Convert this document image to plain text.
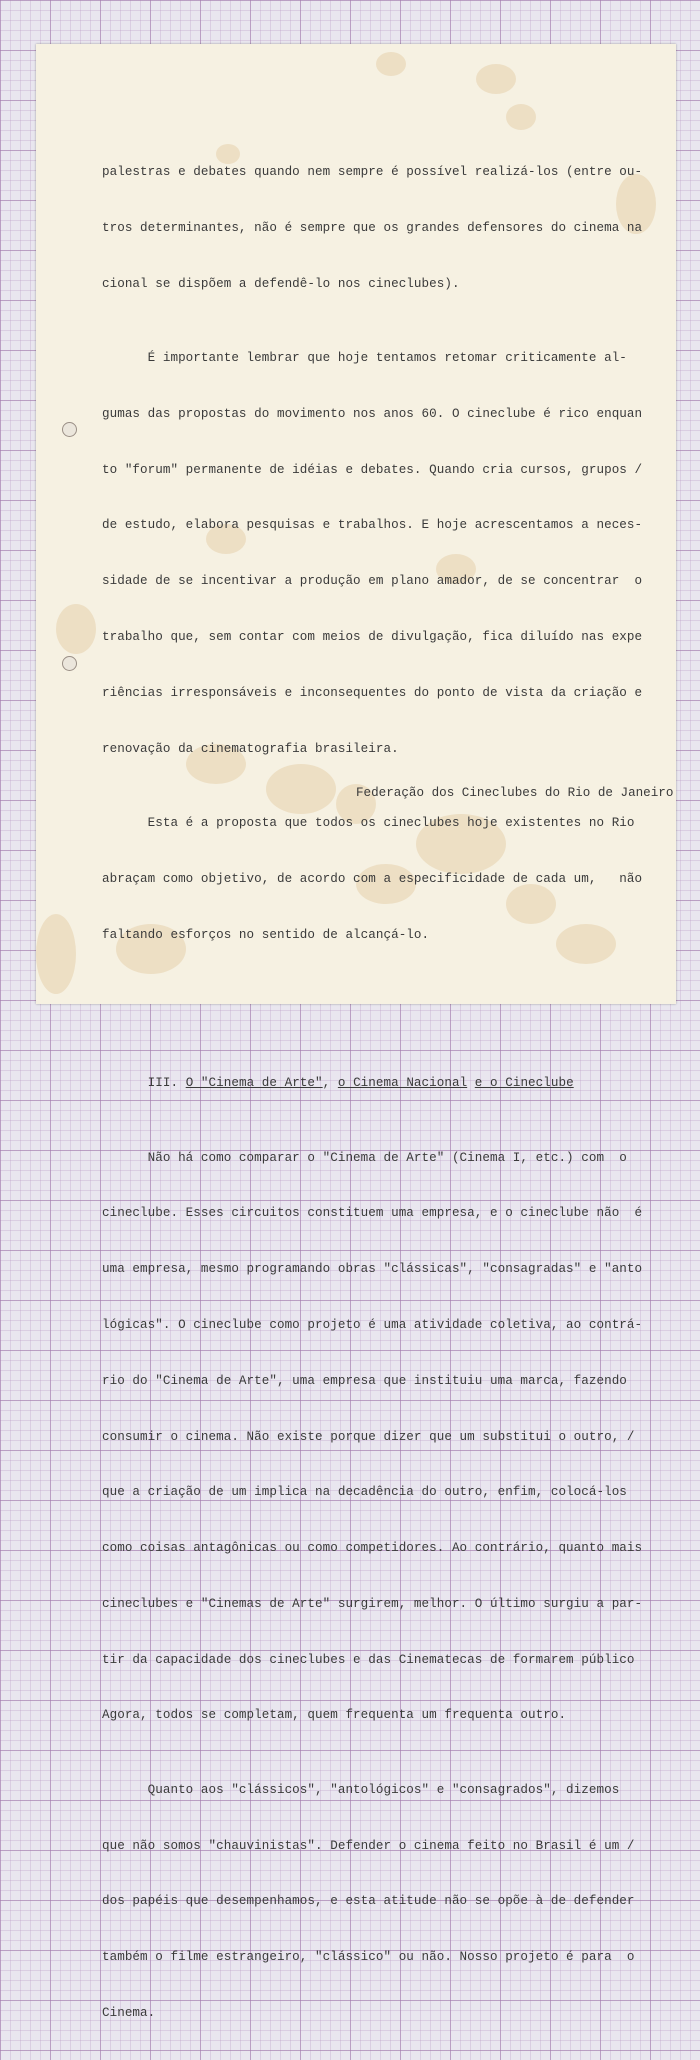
palestras e debates quando nem sempre é possível realizá-los (entre ou-

tros determinantes, não é sempre que os grandes defensores do cinema na

cional se dispõem a defendê-lo nos cineclubes).

É importante lembrar que hoje tentamos retomar criticamente al-

gumas das propostas do movimento nos anos 60. O cineclube é rico enquan

to "forum" permanente de idéias e debates. Quando cria cursos, grupos /

de estudo, elabora pesquisas e trabalhos. E hoje acrescentamos a neces-

sidade de se incentivar a produção em plano amador, de se concentrar  o

trabalho que, sem contar com meios de divulgação, fica diluído nas expe

riências irresponsáveis e inconsequentes do ponto de vista da criação e

renovação da cinematografia brasileira.

Esta é a proposta que todos os cineclubes hoje existentes no Rio

abraçam como objetivo, de acordo com a especificidade de cada um,   não

faltando esforços no sentido de alcançá-lo.

III. O "Cinema de Arte", o Cinema Nacional e o Cineclube

Não há como comparar o "Cinema de Arte" (Cinema I, etc.) com  o

cineclube. Esses circuitos constituem uma empresa, e o cineclube não  é

uma empresa, mesmo programando obras "clássicas", "consagradas" e "anto

lógicas". O cineclube como projeto é uma atividade coletiva, ao contrá-

rio do "Cinema de Arte", uma empresa que instituiu uma marca, fazendo

consumir o cinema. Não existe porque dizer que um substitui o outro, /

que a criação de um implica na decadência do outro, enfim, colocá-los

como coisas antagônicas ou como competidores. Ao contrário, quanto mais

cineclubes e "Cinemas de Arte" surgirem, melhor. O último surgiu a par-

tir da capacidade dos cineclubes e das Cinematecas de formarem público

Agora, todos se completam, quem frequenta um frequenta outro.

Quanto aos "clássicos", "antológicos" e "consagrados", dizemos

que não somos "chauvinistas". Defender o cinema feito no Brasil é um /

dos papéis que desempenhamos, e esta atitude não se opõe à de defender

também o filme estrangeiro, "clássico" ou não. Nosso projeto é para  o

Cinema.

Federação dos Cineclubes do Rio de Janeiro
